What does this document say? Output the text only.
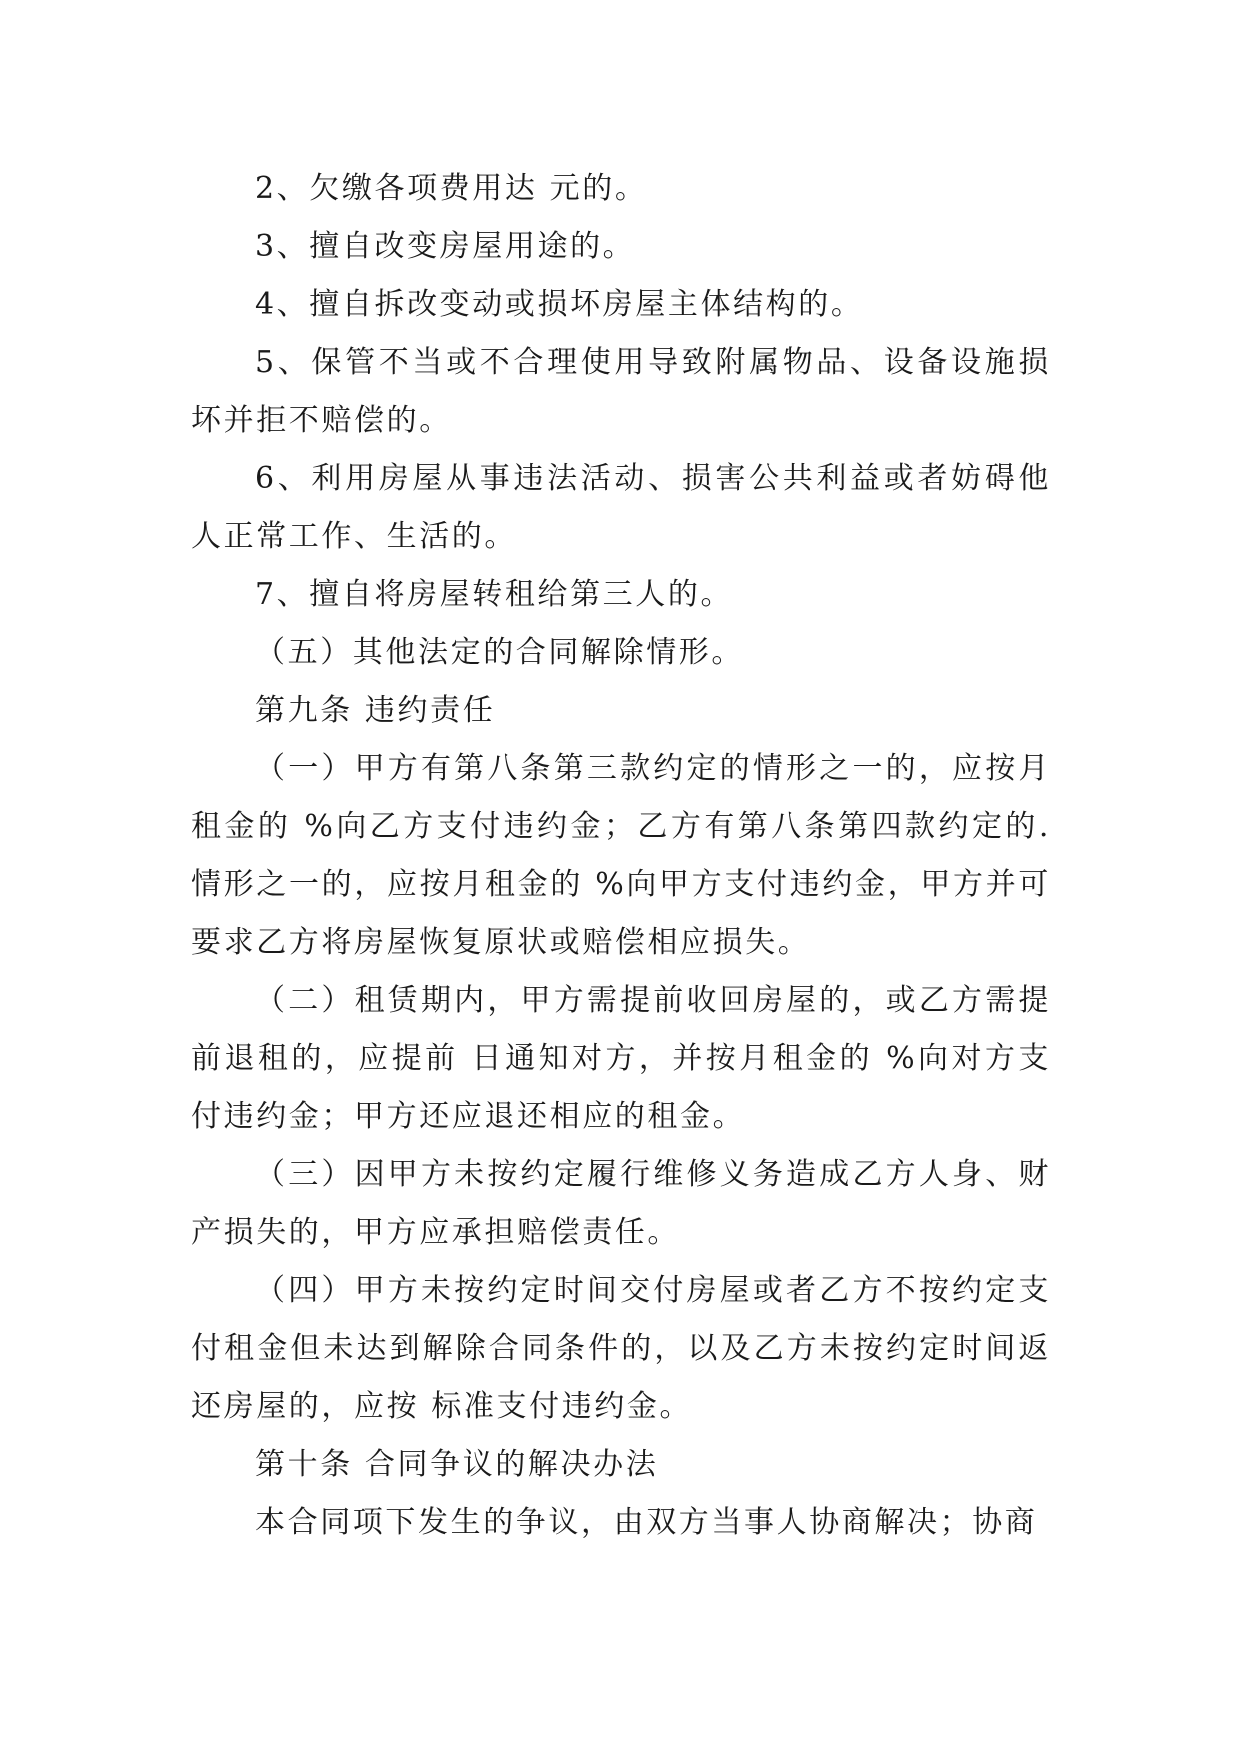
2、欠缴各项费用达 元的。

3、擅自改变房屋用途的。

4、擅自拆改变动或损坏房屋主体结构的。

5、保管不当或不合理使用导致附属物品、设备设施损坏并拒不赔偿的。

6、利用房屋从事违法活动、损害公共利益或者妨碍他人正常工作、生活的。

7、擅自将房屋转租给第三人的。

（五）其他法定的合同解除情形。

第九条 违约责任

（一）甲方有第八条第三款约定的情形之一的，应按月租金的 %向乙方支付违约金；乙方有第八条第四款约定的.情形之一的，应按月租金的 %向甲方支付违约金，甲方并可要求乙方将房屋恢复原状或赔偿相应损失。

（二）租赁期内，甲方需提前收回房屋的，或乙方需提前退租的，应提前 日通知对方，并按月租金的 %向对方支付违约金；甲方还应退还相应的租金。

（三）因甲方未按约定履行维修义务造成乙方人身、财产损失的，甲方应承担赔偿责任。

（四）甲方未按约定时间交付房屋或者乙方不按约定支付租金但未达到解除合同条件的，以及乙方未按约定时间返还房屋的，应按 标准支付违约金。

第十条 合同争议的解决办法

本合同项下发生的争议，由双方当事人协商解决；协商
